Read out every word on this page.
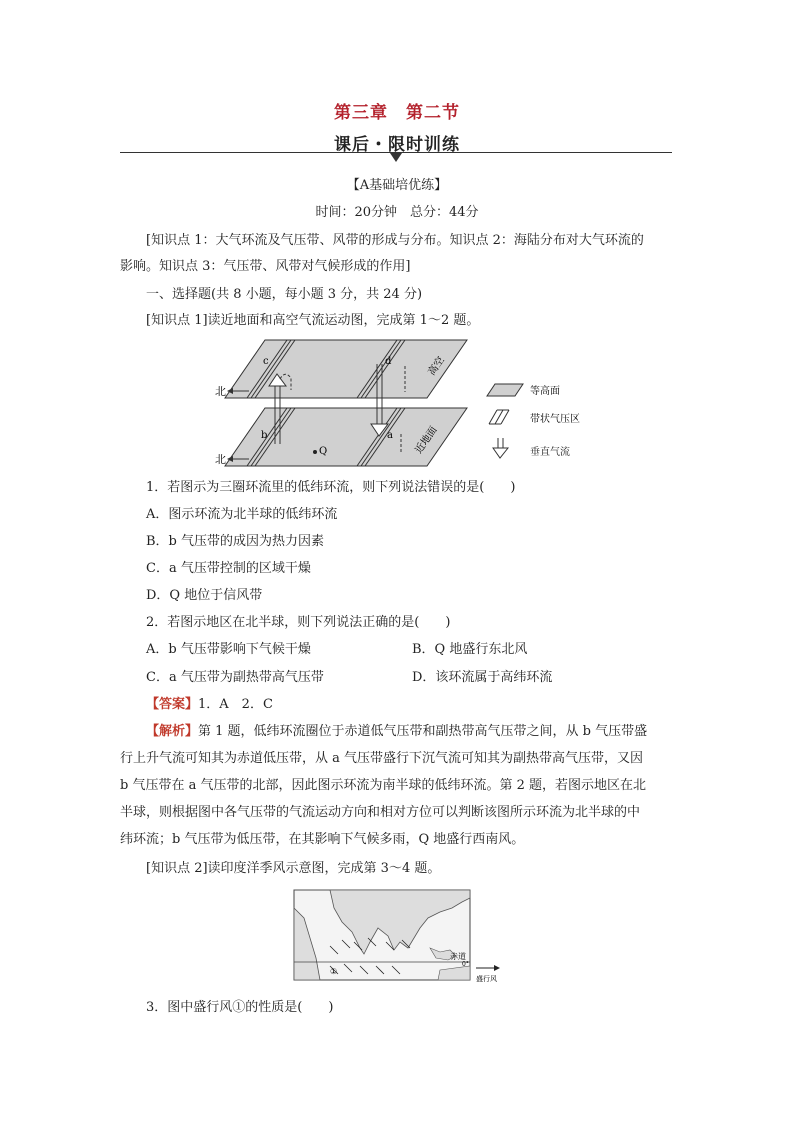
第三章　第二节
课后・限时训练
【A基础培优练】
时间：20分钟　总分：44分
[知识点 1：大气环流及气压带、风带的形成与分布。知识点 2：海陆分布对大气环流的
影响。知识点 3：气压带、风带对气候形成的作用]
一、选择题(共 8 小题，每小题 3 分，共 24 分)
[知识点 1]读近地面和高空气流运动图，完成第 1～2 题。
北
北
c	d
b	a
Q
高空
近地面
等高面
带状气压区
垂直气流
1．若图示为三圈环流里的低纬环流，则下列说法错误的是(　　)
A．图示环流为北半球的低纬环流
B．b 气压带的成因为热力因素
C．a 气压带控制的区域干燥
D．Q 地位于信风带
2．若图示地区在北半球，则下列说法正确的是(　　)
A．b 气压带影响下气候干燥	B．Q 地盛行东北风
C．a 气压带为副热带高气压带	D．该环流属于高纬环流
【答案】1．A　2．C
【解析】第 1 题，低纬环流圈位于赤道低气压带和副热带高气压带之间，从 b 气压带盛
行上升气流可知其为赤道低压带，从 a 气压带盛行下沉气流可知其为副热带高气压带，又因
b 气压带在 a 气压带的北部，因此图示环流为南半球的低纬环流。第 2 题，若图示地区在北
半球，则根据图中各气压带的气流运动方向和相对方位可以判断该图所示环流为北半球的中
纬环流；b 气压带为低压带，在其影响下气候多雨，Q 地盛行西南风。
[知识点 2]读印度洋季风示意图，完成第 3～4 题。
赤道
0°
①
盛行风
3．图中盛行风①的性质是(　　)
